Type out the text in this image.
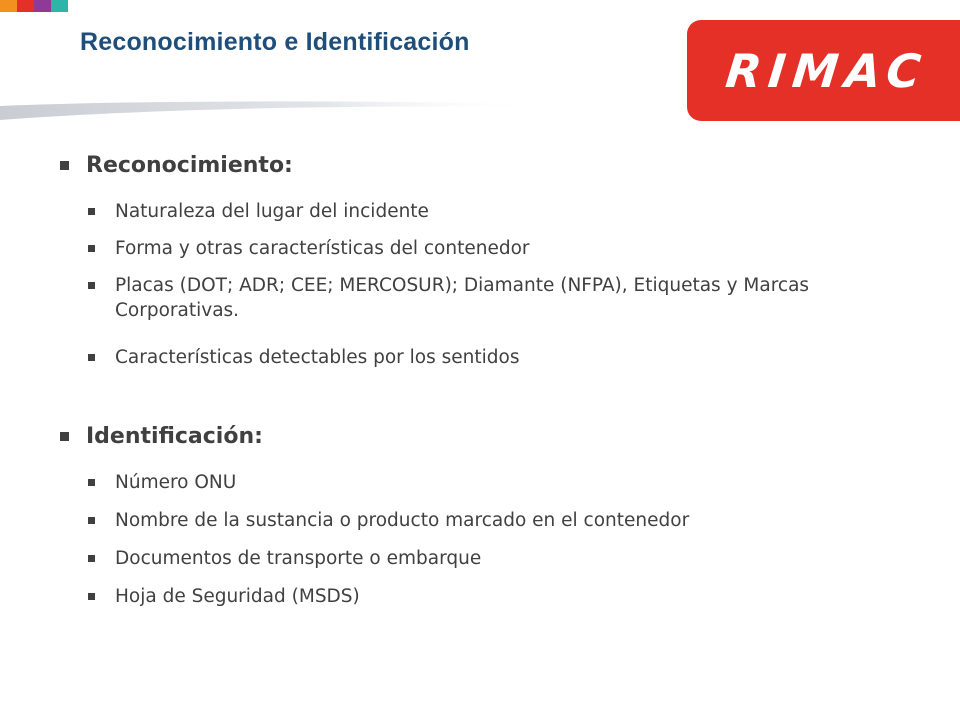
Reconocimiento e Identificación
RIMAC
Reconocimiento:
Naturaleza del lugar del incidente
Forma y otras características del contenedor
Placas (DOT; ADR; CEE; MERCOSUR); Diamante (NFPA), Etiquetas y Marcas Corporativas.
Características detectables por los sentidos
Identificación:
Número ONU
Nombre de la sustancia o producto marcado en el contenedor
Documentos de transporte o embarque
Hoja de Seguridad (MSDS)
